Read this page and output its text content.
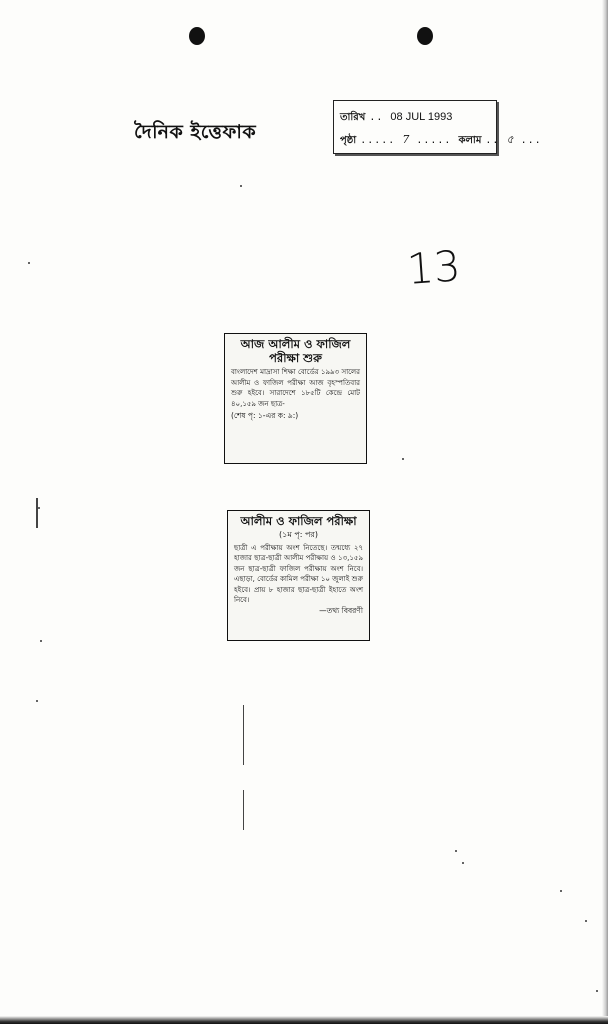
দৈনিক ইত্তেফাক
তারিখ .. 08 JUL 1993
পৃষ্ঠা ..... 7 ..... কলাম .. ৫ ...
13
আজ আলীম ও ফাজিল পরীক্ষা শুরু
বাংলাদেশ মাদ্রাসা শিক্ষা বোর্ডের ১৯৯৩ সালের আলীম ও ফাজিল পরীক্ষা আজ বৃহস্পতিবার শুরু হইবে। সারাদেশে ১৮৫টি কেন্দ্রে মোট ৪০,১৫৯ জন ছাত্র-
(শেষ পৃ: ১-এর ক: ৯:)
আলীম ও ফাজিল পরীক্ষা
(১ম পৃ: পর)
ছাত্রী এ পরীক্ষায় অংশ নিতেছে। তন্মধ্যে ২৭ হাজার ছাত্র-ছাত্রী আলীম পরীক্ষায় ও ১৩,১৫৯ জন ছাত্র-ছাত্রী ফাজিল পরীক্ষায় অংশ নিবে। এছাড়া, বোর্ডের কামিল পরীক্ষা ১০ জুলাই শুরু হইবে। প্রায় ৮ হাজার ছাত্র-ছাত্রী ইহাতে অংশ নিবে।
—তথ্য বিবরণী
